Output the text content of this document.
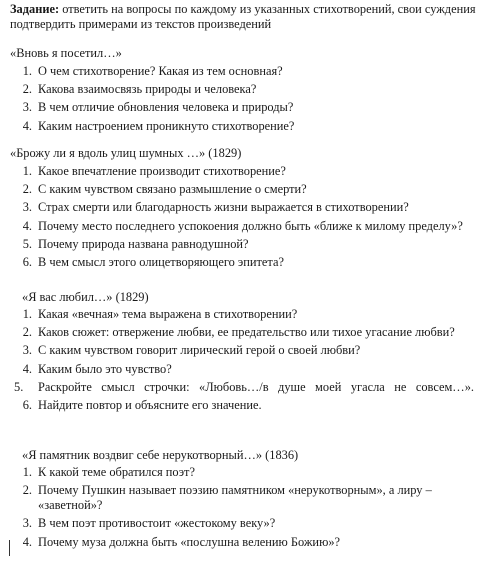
Задание: ответить на вопросы по каждому из указанных стихотворений, свои суждения подтвердить примерами из текстов произведений
«Вновь я посетил…»
1. О чем стихотворение? Какая из тем основная?
2. Какова взаимосвязь природы и человека?
3. В чем отличие обновления человека и природы?
4. Каким настроением проникнуто стихотворение?
«Брожу ли я вдоль улиц шумных …» (1829)
1. Какое впечатление производит стихотворение?
2. С каким чувством связано размышление о смерти?
3. Страх смерти или благодарность жизни выражается в стихотворении?
4. Почему место последнего успокоения должно быть «ближе к милому пределу»?
5. Почему природа названа равнодушной?
6. В чем смысл этого олицетворяющего эпитета?
«Я вас любил…» (1829)
1. Какая «вечная» тема выражена в стихотворении?
2. Каков сюжет: отвержение любви, ее предательство или тихое угасание любви?
3. С каким чувством говорит лирический герой о своей любви?
4. Каким было это чувство?
5.	Раскройте смысл строчки: «Любовь…/в душе моей угасла не совсем…».
6. Найдите повтор и объясните его значение.
«Я памятник воздвиг себе нерукотворный…» (1836)
1. К какой теме обратился поэт?
2. Почему Пушкин называет поэзию памятником «нерукотворным», а лиру – «заветной»?
3. В чем поэт противостоит «жестокому веку»?
4. Почему муза должна быть «послушна велению Божию»?
